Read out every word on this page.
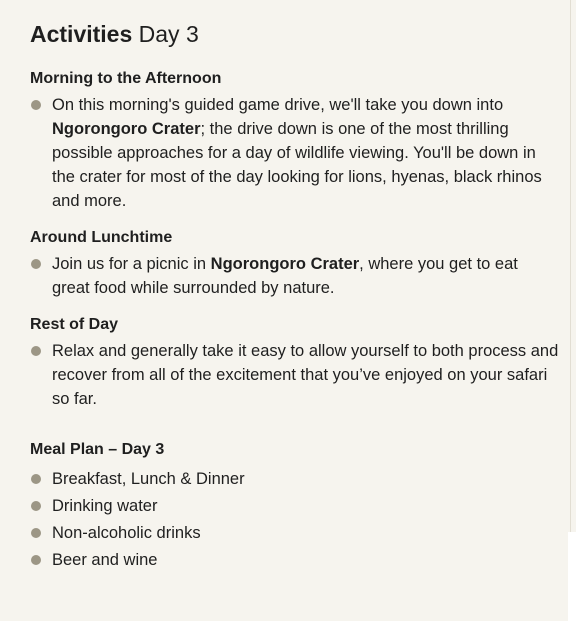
Activities Day 3
Morning to the Afternoon
On this morning's guided game drive, we'll take you down into Ngorongoro Crater; the drive down is one of the most thrilling possible approaches for a day of wildlife viewing. You'll be down in the crater for most of the day looking for lions, hyenas, black rhinos and more.
Around Lunchtime
Join us for a picnic in Ngorongoro Crater, where you get to eat great food while surrounded by nature.
Rest of Day
Relax and generally take it easy to allow yourself to both process and recover from all of the excitement that you’ve enjoyed on your safari so far.
Meal Plan – Day 3
Breakfast, Lunch & Dinner
Drinking water
Non-alcoholic drinks
Beer and wine
